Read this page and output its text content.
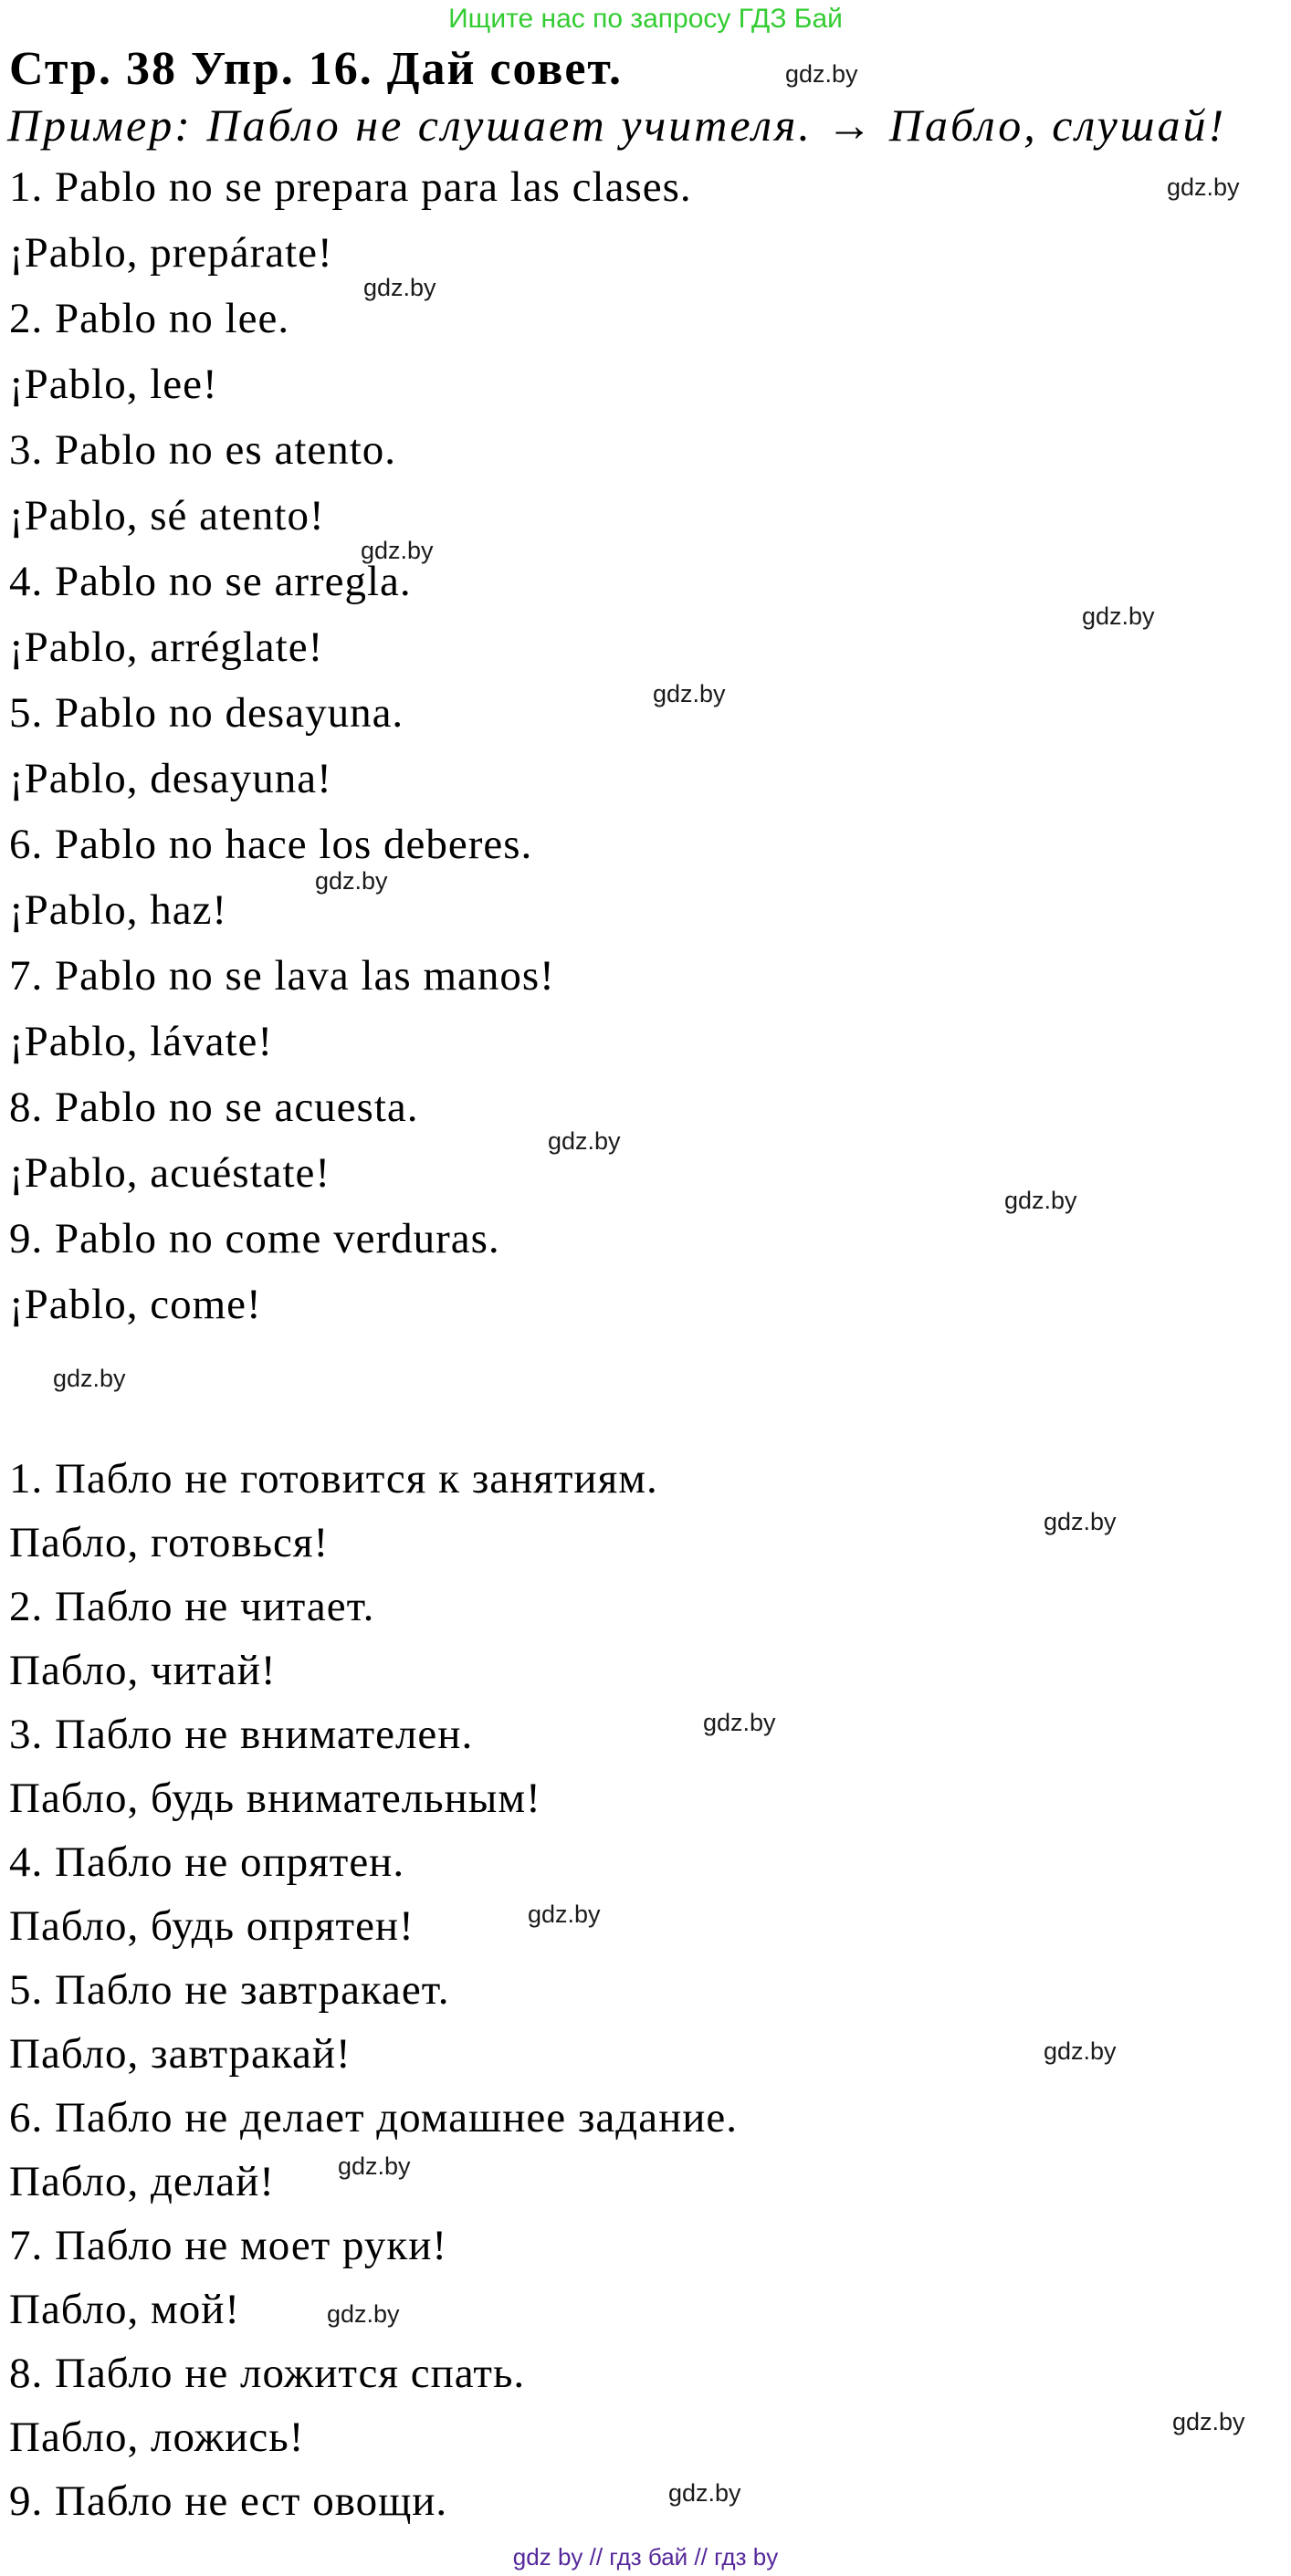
Ищите нас по запросу ГДЗ Бай
Стр. 38 Упр. 16. Дай совет.	gdz.by
Пример: Пабло не слушает учителя. → Пабло, слушай!
1. Pablo no se prepara para las clases.	gdz.by
¡Pablo, prepárate!
gdz.by
2. Pablo no lee.
¡Pablo, lee!
3. Pablo no es atento.
¡Pablo, sé atento!
gdz.by
4. Pablo no se arregla.
gdz.by
¡Pablo, arréglate!
gdz.by
5. Pablo no desayuna.
¡Pablo, desayuna!
6. Pablo no hace los deberes.
gdz.by
¡Pablo, haz!
7. Pablo no se lava las manos!
¡Pablo, lávate!
8. Pablo no se acuesta.
gdz.by
¡Pablo, acuéstate!
gdz.by
9. Pablo no come verduras.
¡Pablo, come!
gdz.by
1. Пабло не готовится к занятиям.
Пабло, готовься!	gdz.by
2. Пабло не читает.
Пабло, читай!
3. Пабло не внимателен.	gdz.by
Пабло, будь внимательным!
4. Пабло не опрятен.
Пабло, будь опрятен!	gdz.by
5. Пабло не завтракает.
Пабло, завтракай!	gdz.by
6. Пабло не делает домашнее задание.
Пабло, делай!	gdz.by
7. Пабло не моет руки!
Пабло, мой!	gdz.by
8. Пабло не ложится спать.
gdz.by
Пабло, ложись!
gdz.by
9. Пабло не ест овощи.
gdz by // гдз бай // гдз by
